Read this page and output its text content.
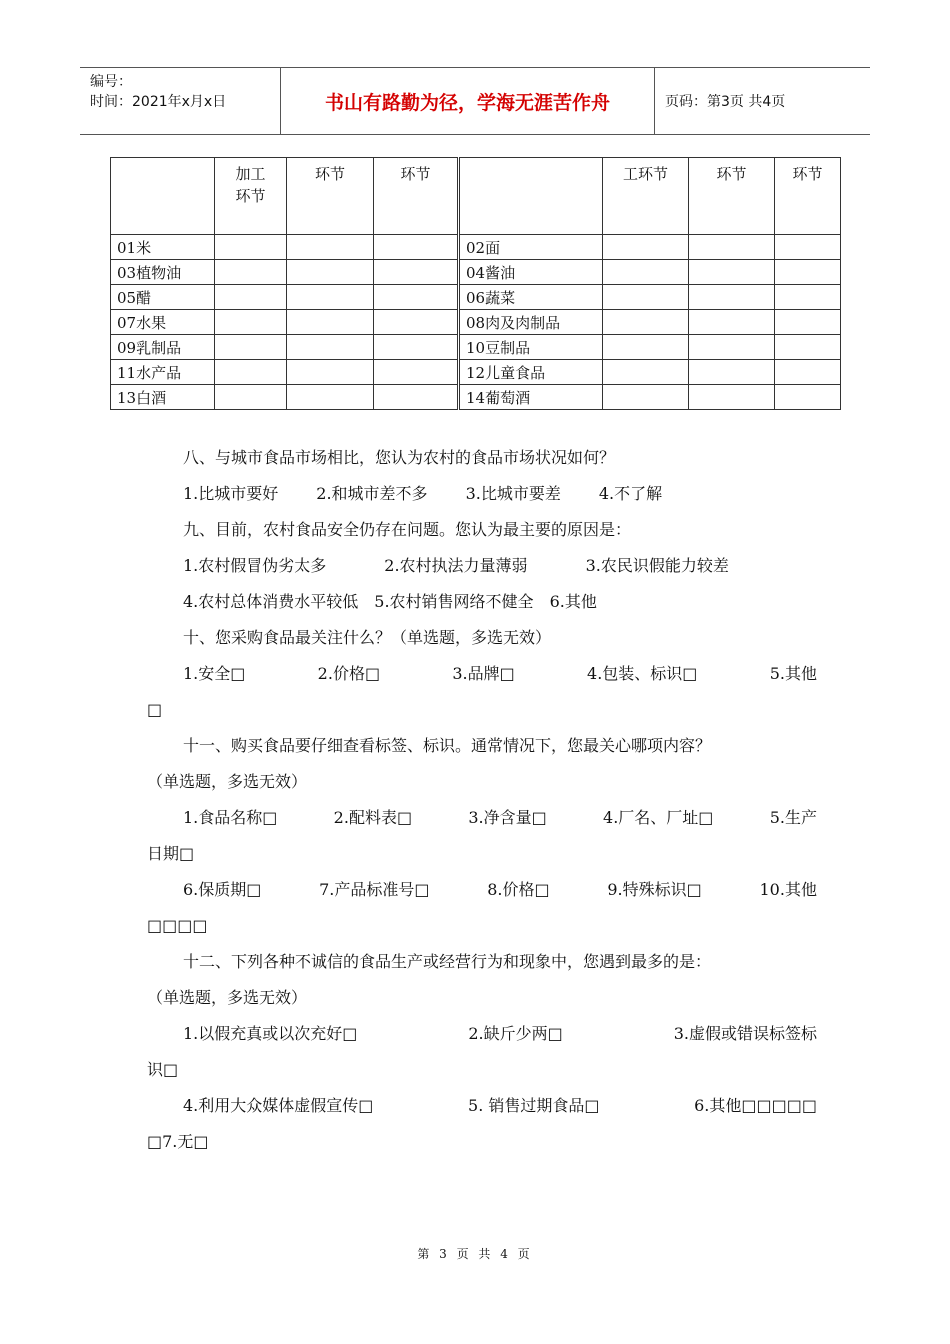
编号：
时间：2021年x月x日	书山有路勤为径，学海无涯苦作舟	页码：第3页 共4页
	加工环节	环节	环节		工环节	环节	环节
01米				02面			
03植物油				04酱油			
05醋				06蔬菜			
07水果				08肉及肉制品			
09乳制品				10豆制品			
11水产品				12儿童食品			
13白酒				14葡萄酒			

八、与城市食品市场相比，您认为农村的食品市场状况如何？

1.比城市要好 2.和城市差不多 3.比城市要差 4.不了解

九、目前，农村食品安全仍存在问题。您认为最主要的原因是：

1.农村假冒伪劣太多	2.农村执法力量薄弱	3.农民识假能力较差

4.农村总体消费水平较低 5.农村销售网络不健全 6.其他

十、您采购食品最关注什么？（单选题，多选无效）

1.安全□	2.价格□	3.品牌□	4.包装、标识□	5.其他

□

十一、购买食品要仔细查看标签、标识。通常情况下，您最关心哪项内容？

（单选题，多选无效）

1.食品名称□	2.配料表□	3.净含量□	4.厂名、厂址□	5.生产

日期□

6.保质期□	7.产品标准号□	8.价格□	9.特殊标识□	10.其他

□□□□

十二、下列各种不诚信的食品生产或经营行为和现象中，您遇到最多的是：

（单选题，多选无效）

1.以假充真或以次充好□	2.缺斤少两□	3.虚假或错误标签标

识□

4.利用大众媒体虚假宣传□	5. 销售过期食品□	6.其他□□□□□

□7.无□

第 3 页 共 4 页
